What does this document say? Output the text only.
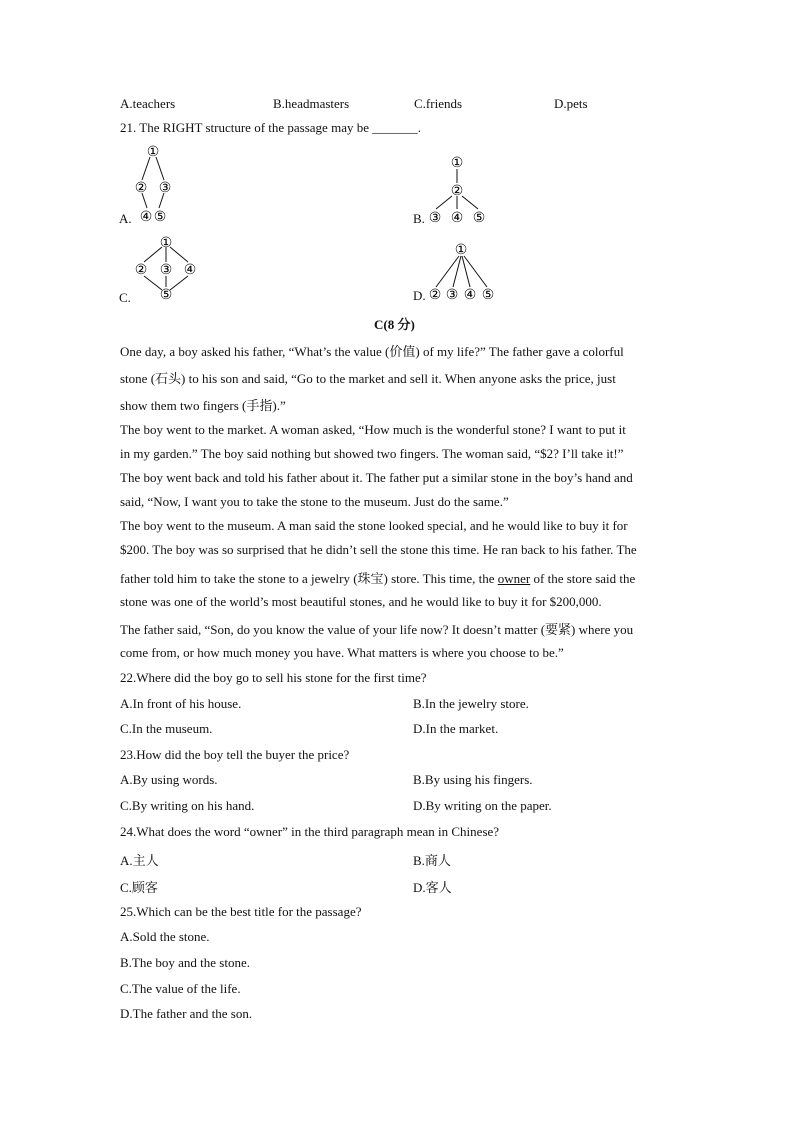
A.teachers	B.headmasters	C.friends	D.pets
21. The RIGHT structure of the passage may be _______.
A.
①
② ③
④ ⑤	B.
①
②
③ ④ ⑤
C.
①
② ③ ④
⑤	D.
①
② ③ ④ ⑤
C(8 分)
One day, a boy asked his father, “What’s the value (价值) of my life?” The father gave a colorful
stone (石头) to his son and said, “Go to the market and sell it. When anyone asks the price, just
show them two fingers (手指).”
The boy went to the market. A woman asked, “How much is the wonderful stone? I want to put it
in my garden.” The boy said nothing but showed two fingers. The woman said, “$2? I’ll take it!”
The boy went back and told his father about it. The father put a similar stone in the boy’s hand and
said, “Now, I want you to take the stone to the museum. Just do the same.”
The boy went to the museum. A man said the stone looked special, and he would like to buy it for
$200. The boy was so surprised that he didn’t sell the stone this time. He ran back to his father. The
father told him to take the stone to a jewelry (珠宝) store. This time, the owner of the store said the
stone was one of the world’s most beautiful stones, and he would like to buy it for $200,000.
The father said, “Son, do you know the value of your life now? It doesn’t matter (要紧) where you
come from, or how much money you have. What matters is where you choose to be.”
22.Where did the boy go to sell his stone for the first time?
A.In front of his house.	B.In the jewelry store.
C.In the museum.	D.In the market.
23.How did the boy tell the buyer the price?
A.By using words.	B.By using his fingers.
C.By writing on his hand.	D.By writing on the paper.
24.What does the word “owner” in the third paragraph mean in Chinese?
A.主人	B.商人
C.顾客	D.客人
25.Which can be the best title for the passage?
A.Sold the stone.
B.The boy and the stone.
C.The value of the life.
D.The father and the son.
